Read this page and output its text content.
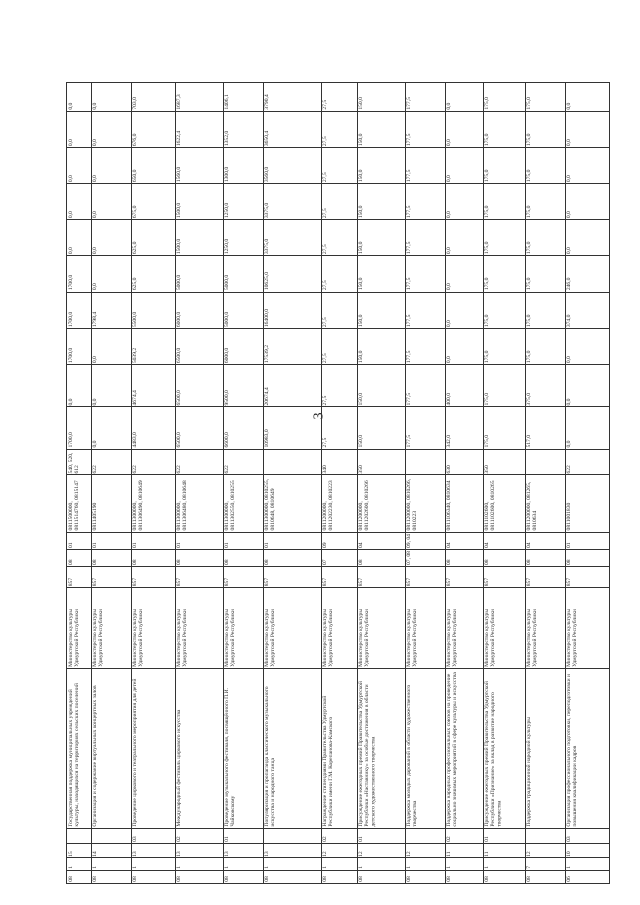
3
0,0
0,0
0,0
0,0
0,0
1700,0
1700,0
1700,0
0,0
1700,0
540, 520, 612
0811500000, 0811514760, 0815147
01
08
857
Министерство культуры Удмуртской Республики
Государственная поддержка муниципальных учреждений культуры, находящихся на территориях сельских поселений
15
1
08
0,0
0,0
0,0
0,0
0,0
0,0
1798,4
0,0
0,0
0,0
622
0811405190
01
08
857
Министерство культуры Удмуртской Республики
Организация и содержание виртуальных концертных залов
14
1
08
703,0
676,0
650,0
675,0
625,0
625,0
5500,0
5039,2
4674,4
4483,0
622
0811300000, 0811306490, 0810649
01
08
857
Министерство культуры Удмуртской Республики
Проведение циркового и театрального мероприятия для детей
03
13
1
08
1687,3
1622,4
1560,0
1500,0
1500,0
5000,0
6000,0
6500,0
6500,0
6500,0
622
0811300000, 0811306480, 0810648
01
08
857
Министерство культуры Удмуртской Республики
Международный фестиваль циркового искусства
02
13
1
08
1406,1
1352,0
1300,0
1250,0
1250,0
5000,0
5000,0
6000,0
9500,0
6600,0
622
0811300000, 0811302550, 0810255
01
08
857
Министерство культуры Удмуртской Республики
Проведение музыкального фестиваля, посвящённого П.И. Чайковскому
01
13
1
08
3790,4
3650,4
3560,0
3375,0
3375,0
10625,0
16400,0
17539,2
20674,4
10983,0
0811300000, 0810255, 0810648, 0810649
01
08
857
Министерство культуры Удмуртской Республики
Популяризация и пропаганда классического музыкального искусства и народного танца
13
1
08
27,5
27,5
27,5
27,5
27,5
27,5
27,5
27,5
27,5
27,5
340
0811200000, 0811202230, 0810223
09
07
857
Министерство культуры Удмуртской Республики
Награждение стипендиями Правительства Удмуртской Республики имени Г.М. Корепанова-Камского
02
12
1
08
150,0
150,0
150,0
150,0
150,0
150,0
150,0
150,0
150,0
150,0
350
0811200000, 0811202600, 0810266
04
08
857
Министерство культуры Удмуртской Республики
Присуждение ежегодных премий Правительства Удмуртской Республики «Наставнику» за особые достижения в области детского художественного творчества
01
12
1
08
177,5
177,5
177,5
177,5
177,5
177,5
177,5
177,5
177,5
177,5
0811200000, 0810266, 0810223
09, 04
07, 08
857
Министерство культуры Удмуртской Республики
Поддержка молодых дарований в области художественного творчества
12
1
08
0,0
0,0
0,0
0,0
0,0
0,0
0,0
0,0
400,0
342,0
630
0811106340, 0810634
04
08
857
Министерство культуры Удмуртской Республики
Поддержка народных профессиональных союзов на проведение социально значимых мероприятий в сфере культуры и искусства
02
11
1
08
175,0
175,0
175,0
175,0
175,0
175,0
175,0
175,0
175,0
175,0
350
0811102600, 0811102600, 0810265
04
08
857
Министерство культуры Удмуртской Республики
Присуждение ежегодных премий Правительства Удмуртской Республики «Признание» за вклад в развитие народного творчества
01
11
1
08
175,0
175,0
175,0
175,0
175,0
175,0
175,0
175,0
375,0
517,0
0811200000, 081265, 0810634
04
08
857
Министерство культуры Удмуртской Республики
Поддержка традиционной народной культуры
12
7
08
0,0
0,0
0,0
0,0
0,0
246,0
374,0
0,0
0,0
0,0
622
0811001830
01
08
857
Министерство культуры Удмуртской Республики
Организация профессионального подготовки, переподготовки и повышения квалификации кадров
03
10
1
06
